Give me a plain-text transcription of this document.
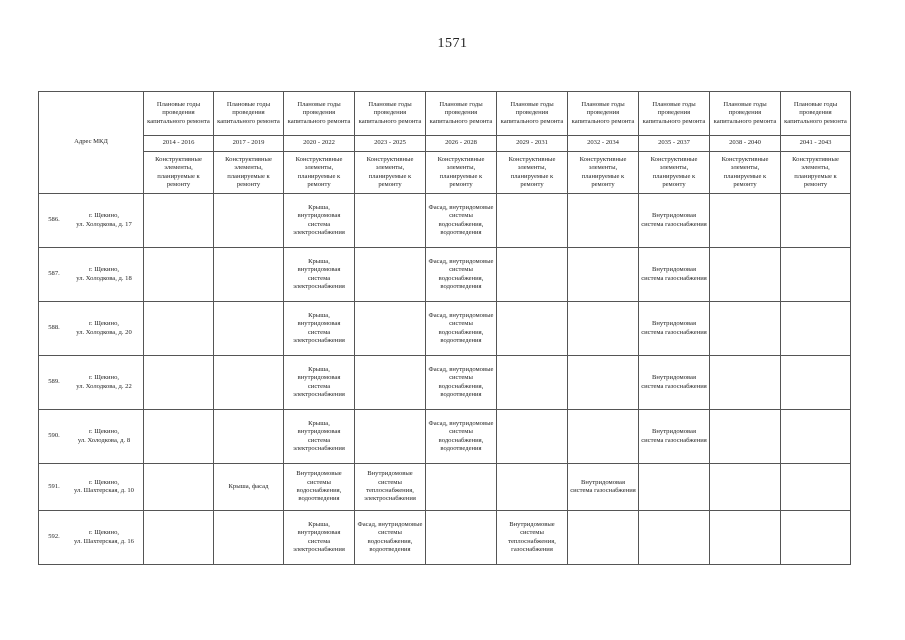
1571
Адрес МКД	Плановые годы проведения капитального ремонта	Плановые годы проведения капитального ремонта	Плановые годы проведения капитального ремонта	Плановые годы проведения капитального ремонта	Плановые годы проведения капитального ремонта	Плановые годы проведения капитального ремонта	Плановые годы проведения капитального ремонта	Плановые годы проведения капитального ремонта	Плановые годы проведения капитального ремонта	Плановые годы проведения капитального ремонта
	2014 - 2016	2017 - 2019	2020 - 2022	2023 - 2025	2026 - 2028	2029 - 2031	2032 - 2034	2035 - 2037	2038 - 2040	2041 - 2043
	Конструктивные элементы, планируемые к ремонту	Конструктивные элементы, планируемые к ремонту	Конструктивные элементы, планируемые к ремонту	Конструктивные элементы, планируемые к ремонту	Конструктивные элементы, планируемые к ремонту	Конструктивные элементы, планируемые к ремонту	Конструктивные элементы, планируемые к ремонту	Конструктивные элементы, планируемые к ремонту	Конструктивные элементы, планируемые к ремонту	Конструктивные элементы, планируемые к ремонту

586.
г. Щекино,
ул. Холодкова, д. 17			Крыша, внутридомовая система электроснабжения		Фасад, внутридомовые системы водоснабжения, водоотведения			Внутридомовая система газоснабжения		

587.
г. Щекино,
ул. Холодкова, д. 18			Крыша, внутридомовая система электроснабжения		Фасад, внутридомовые системы водоснабжения, водоотведения			Внутридомовая система газоснабжения		

588.
г. Щекино,
ул. Холодкова, д. 20			Крыша, внутридомовая система электроснабжения		Фасад, внутридомовые системы водоснабжения, водоотведения			Внутридомовая система газоснабжения		

589.
г. Щекино,
ул. Холодкова, д. 22			Крыша, внутридомовая система электроснабжения		Фасад, внутридомовые системы водоснабжения, водоотведения			Внутридомовая система газоснабжения		

590.
г. Щекино,
ул. Холодкова, д. 8			Крыша, внутридомовая система электроснабжения		Фасад, внутридомовые системы водоснабжения, водоотведения			Внутридомовая система газоснабжения		

591.
г. Щекино,
ул. Шахтерская, д. 10		Крыша, фасад	Внутридомовые системы водоснабжения, водоотведения	Внутридомовые системы теплоснабжения, электроснабжения			Внутридомовая система газоснабжения			

592.
г. Щекино,
ул. Шахтерская, д. 16			Крыша, внутридомовая система электроснабжения	Фасад, внутридомовые системы водоснабжения, водоотведения		Внутридомовые системы теплоснабжения, газоснабжения				
